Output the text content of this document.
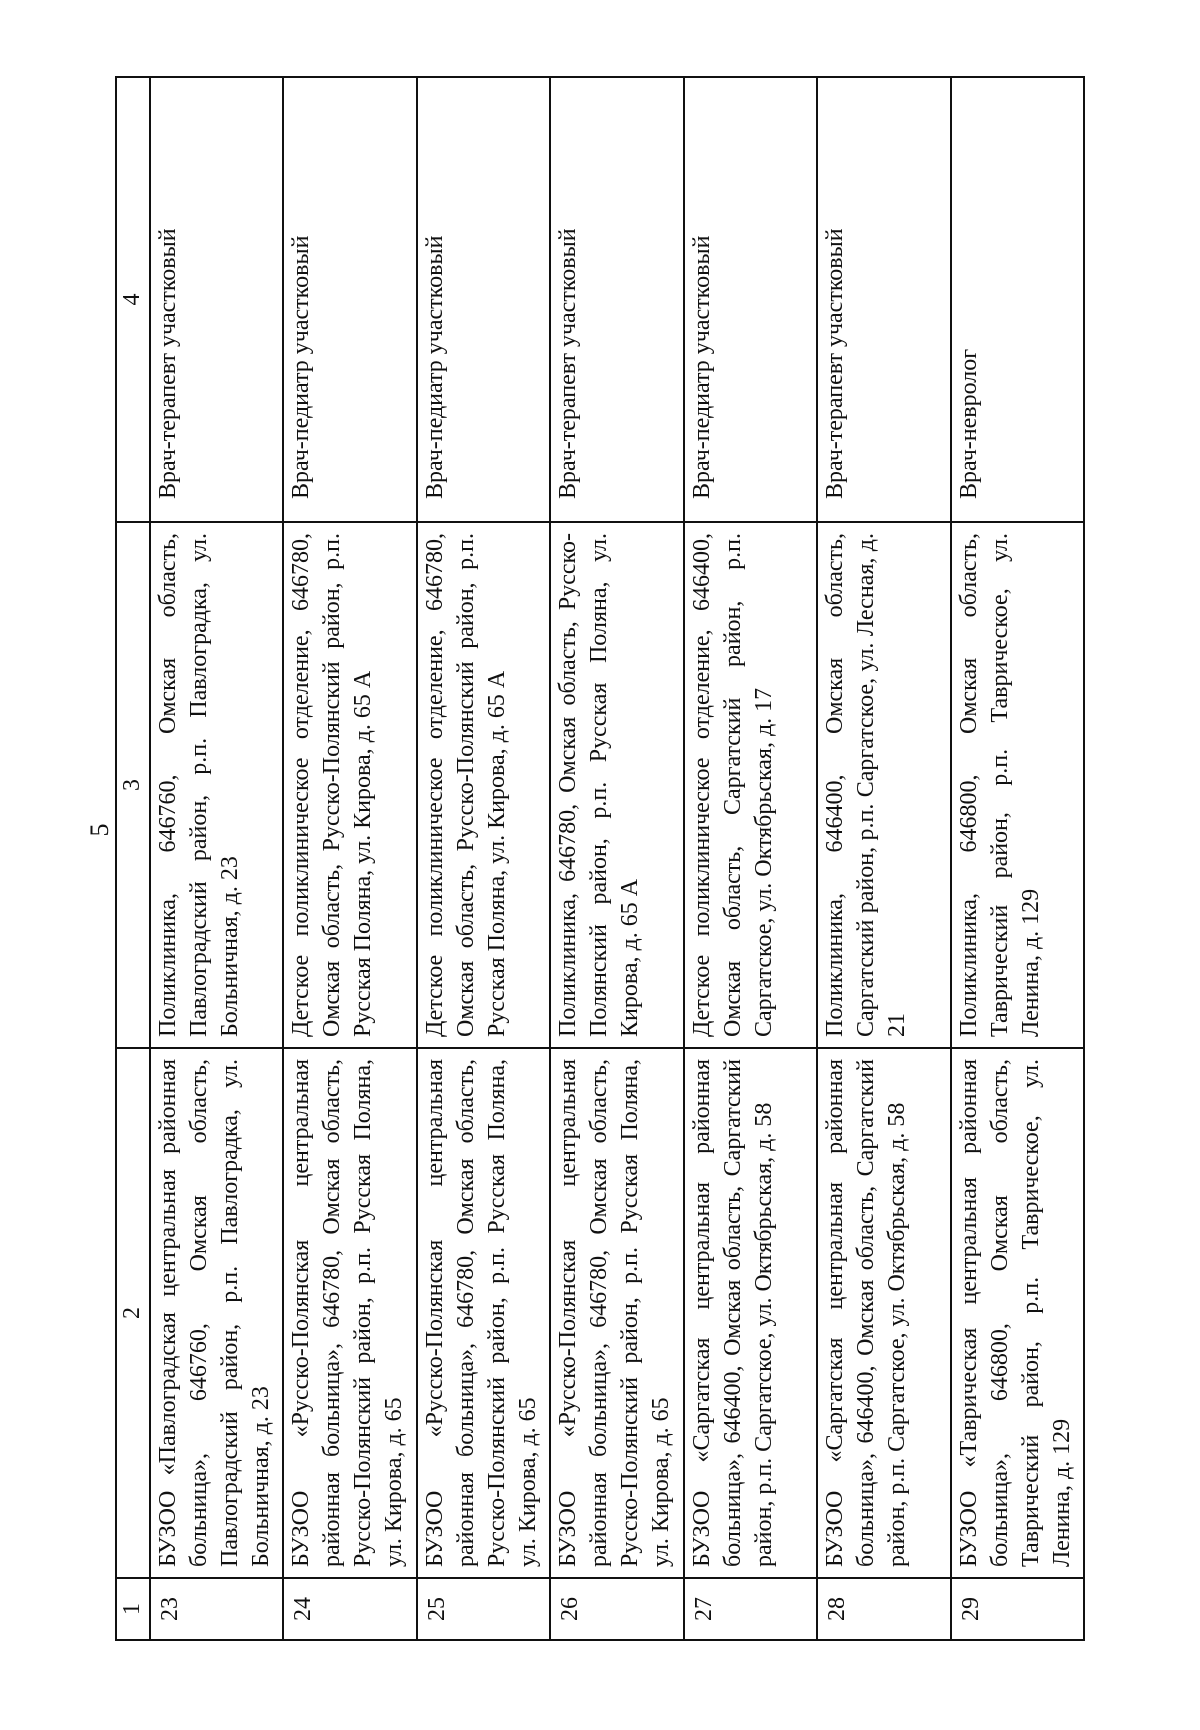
5
1	2	3	4
23	БУЗОО «Павлоградская центральная районная больница», 646760, Омская область, Павлоградский район, р.п. Павлоградка, ул. Больничная, д. 23	Поликлиника, 646760, Омская область, Павлоградский район, р.п. Павлоградка, ул. Больничная, д. 23	Врач-терапевт участковый
24	БУЗОО «Русско-Полянская центральная районная больница», 646780, Омская область, Русско-Полянский район, р.п. Русская Поляна, ул. Кирова, д. 65	Детское поликлиническое отделение, 646780, Омская область, Русско-Полянский район, р.п. Русская Поляна, ул. Кирова, д. 65 А	Врач-педиатр участковый
25	БУЗОО «Русско-Полянская центральная районная больница», 646780, Омская область, Русско-Полянский район, р.п. Русская Поляна, ул. Кирова, д. 65	Детское поликлиническое отделение, 646780, Омская область, Русско-Полянский район, р.п. Русская Поляна, ул. Кирова, д. 65 А	Врач-педиатр участковый
26	БУЗОО «Русско-Полянская центральная районная больница», 646780, Омская область, Русско-Полянский район, р.п. Русская Поляна, ул. Кирова, д. 65	Поликлиника, 646780, Омская область, Русско-Полянский район, р.п. Русская Поляна, ул. Кирова, д. 65 А	Врач-терапевт участковый
27	БУЗОО «Саргатская центральная районная больница», 646400, Омская область, Саргатский район, р.п. Саргатское, ул. Октябрьская, д. 58	Детское поликлиническое отделение, 646400, Омская область, Саргатский район, р.п. Саргатское, ул. Октябрьская, д. 17	Врач-педиатр участковый
28	БУЗОО «Саргатская центральная районная больница», 646400, Омская область, Саргатский район, р.п. Саргатское, ул. Октябрьская, д. 58	Поликлиника, 646400, Омская область, Саргатский район, р.п. Саргатское, ул. Лесная, д. 21	Врач-терапевт участковый
29	БУЗОО «Таврическая центральная районная больница», 646800, Омская область, Таврический район, р.п. Таврическое, ул. Ленина, д. 129	Поликлиника, 646800, Омская область, Таврический район, р.п. Таврическое, ул. Ленина, д. 129	Врач-невролог
